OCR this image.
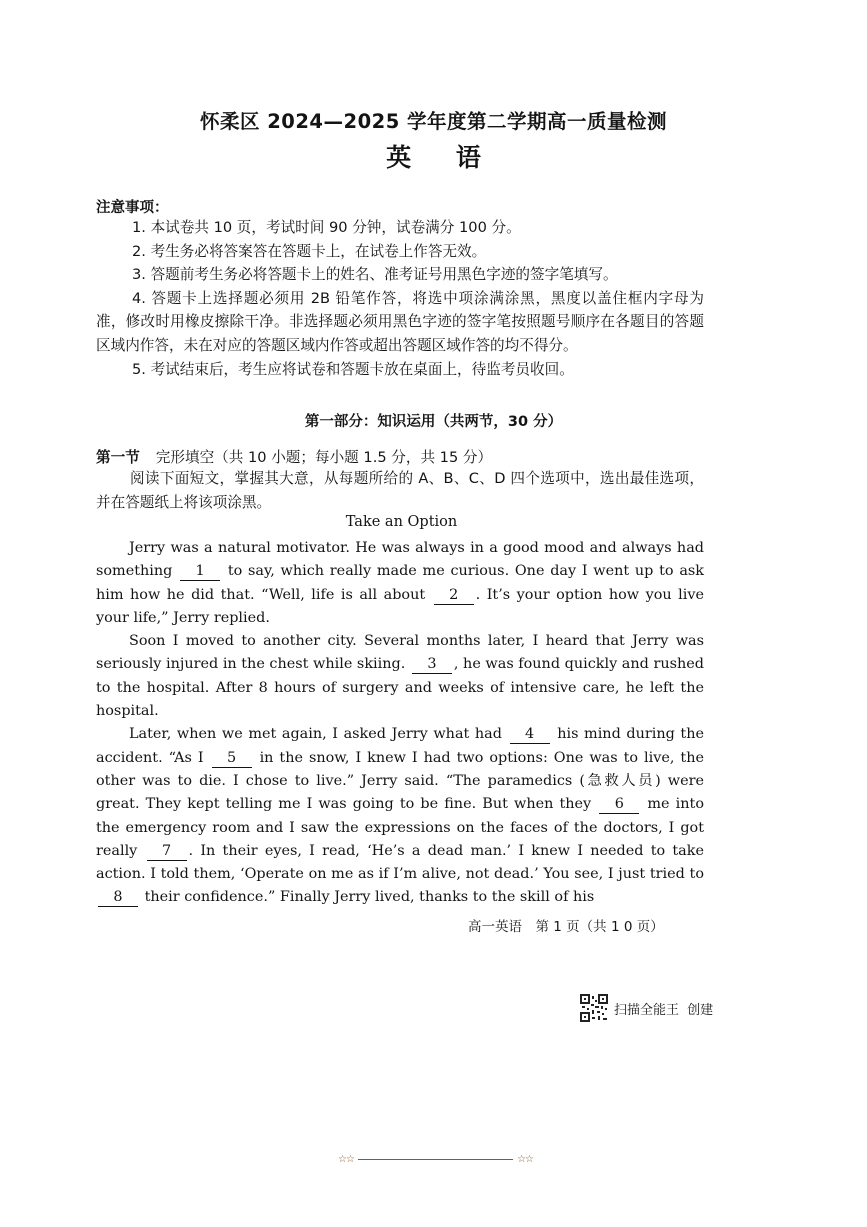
怀柔区 2024—2025 学年度第二学期高一质量检测
英 语
注意事项：

1. 本试卷共 10 页，考试时间 90 分钟，试卷满分 100 分。

2. 考生务必将答案答在答题卡上，在试卷上作答无效。

3. 答题前考生务必将答题卡上的姓名、准考证号用黑色字迹的签字笔填写。

4. 答题卡上选择题必须用 2B 铅笔作答，将选中项涂满涂黑，黑度以盖住框内字母为准，修改时用橡皮擦除干净。非选择题必须用黑色字迹的签字笔按照题号顺序在各题目的答题区域内作答，未在对应的答题区域内作答或超出答题区域作答的均不得分。

5. 考试结束后，考生应将试卷和答题卡放在桌面上，待监考员收回。

第一部分：知识运用（共两节，30 分）
第一节 完形填空（共 10 小题；每小题 1.5 分，共 15 分）

阅读下面短文，掌握其大意，从每题所给的 A、B、C、D 四个选项中，选出最佳选项，并在答题纸上将该项涂黑。

Take an Option

Jerry was a natural motivator. He was always in a good mood and always had something 1 to say, which really made me curious. One day I went up to ask him how he did that. “Well, life is all about 2 . It’s your option how you live your life,” Jerry replied.

Soon I moved to another city. Several months later, I heard that Jerry was seriously injured in the chest while skiing. 3 , he was found quickly and rushed to the hospital. After 8 hours of surgery and weeks of intensive care, he left the hospital.

Later, when we met again, I asked Jerry what had 4 his mind during the accident. “As I 5 in the snow, I knew I had two options: One was to live, the other was to die. I chose to live.” Jerry said. “The paramedics (急救人员) were great. They kept telling me I was going to be fine. But when they 6 me into the emergency room and I saw the expressions on the faces of the doctors, I got really 7 . In their eyes, I read, ‘He’s a dead man.’ I knew I needed to take action. I told them, ‘Operate on me as if I’m alive, not dead.’ You see, I just tried to 8 their confidence.” Finally Jerry lived, thanks to the skill of his

高一英语　第 1 页（共 1 0 页）
扫描全能王 创建
☆☆	☆☆
